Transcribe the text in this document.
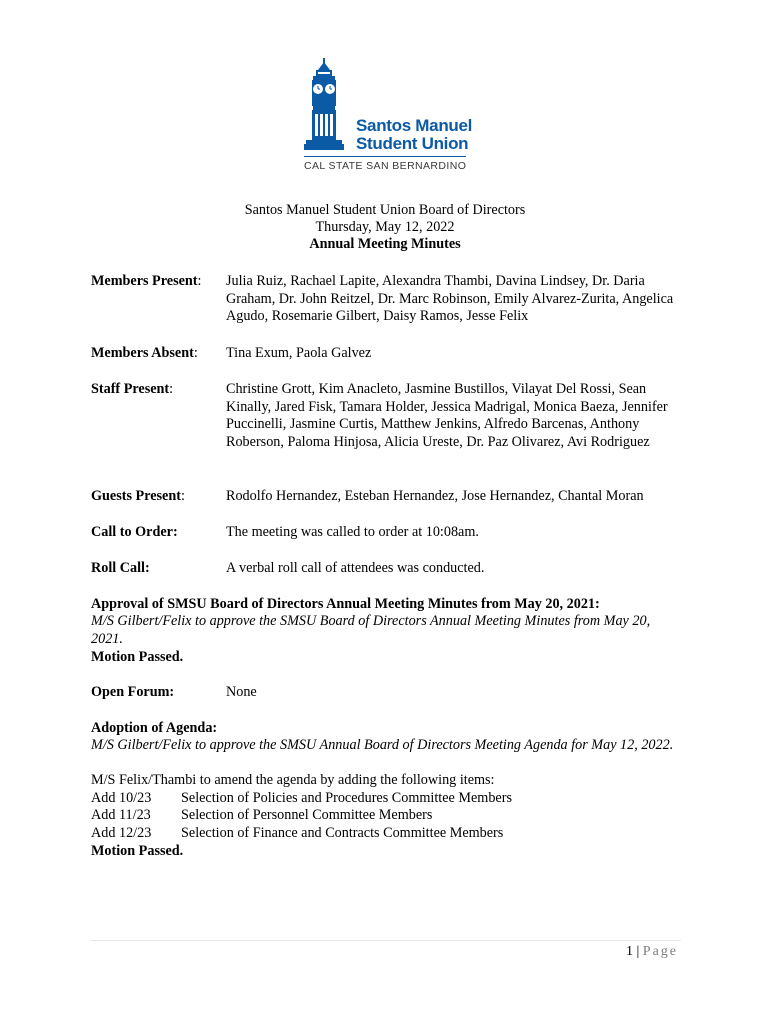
Santos Manuel
Student Union
CAL STATE SAN BERNARDINO
Santos Manuel Student Union Board of Directors
Thursday, May 12, 2022
Annual Meeting Minutes
Members Present:	Julia Ruiz, Rachael Lapite, Alexandra Thambi, Davina Lindsey, Dr. Daria Graham, Dr. John Reitzel, Dr. Marc Robinson, Emily Alvarez-Zurita, Angelica Agudo, Rosemarie Gilbert, Daisy Ramos, Jesse Felix
Members Absent:	Tina Exum, Paola Galvez
Staff Present:	Christine Grott, Kim Anacleto, Jasmine Bustillos, Vilayat Del Rossi, Sean Kinally, Jared Fisk, Tamara Holder, Jessica Madrigal, Monica Baeza, Jennifer Puccinelli, Jasmine Curtis, Matthew Jenkins, Alfredo Barcenas, Anthony Roberson, Paloma Hinjosa, Alicia Ureste, Dr. Paz Olivarez, Avi Rodriguez
Guests Present:	Rodolfo Hernandez, Esteban Hernandez, Jose Hernandez, Chantal Moran
Call to Order:	The meeting was called to order at 10:08am.
Roll Call:	A verbal roll call of attendees was conducted.
Approval of SMSU Board of Directors Annual Meeting Minutes from May 20, 2021:
M/S Gilbert/Felix to approve the SMSU Board of Directors Annual Meeting Minutes from May 20, 2021.
Motion Passed.
Open Forum:	None
Adoption of Agenda:
M/S Gilbert/Felix to approve the SMSU Annual Board of Directors Meeting Agenda for May 12, 2022.
M/S Felix/Thambi to amend the agenda by adding the following items:
Add 10/23 Selection of Policies and Procedures Committee Members
Add 11/23 Selection of Personnel Committee Members
Add 12/23 Selection of Finance and Contracts Committee Members
Motion Passed.
1 | Page
